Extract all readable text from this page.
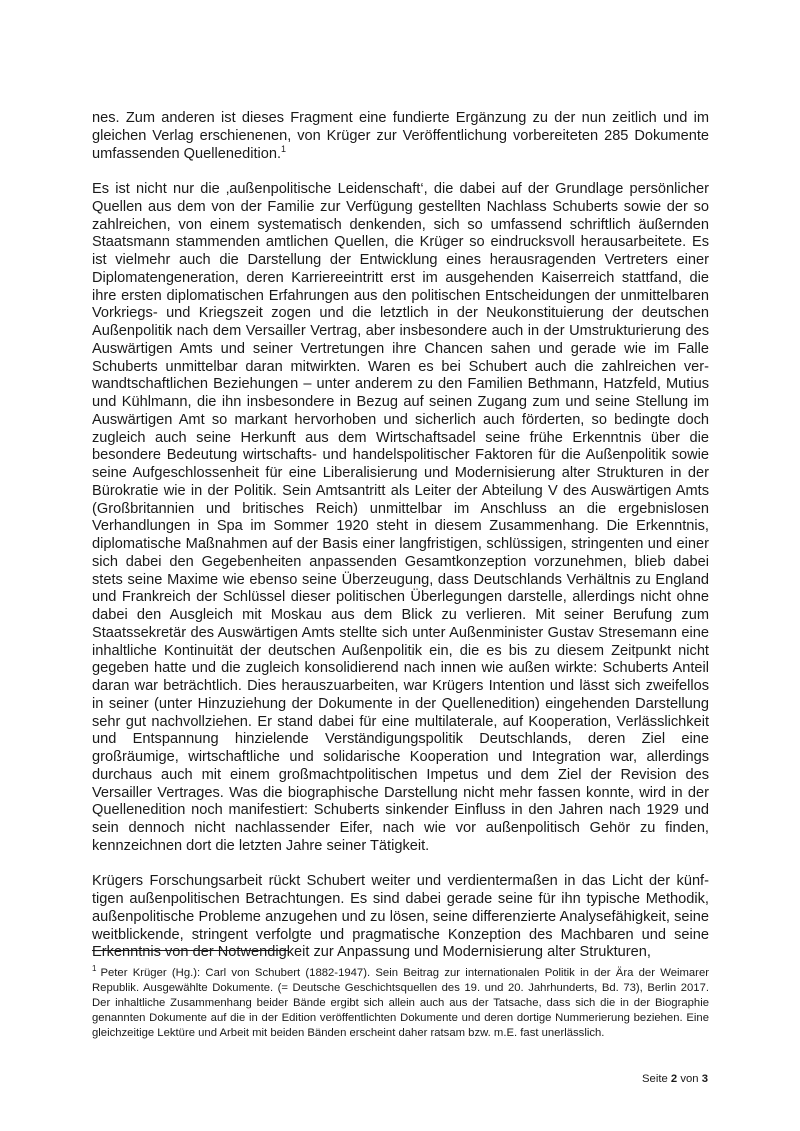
nes. Zum anderen ist dieses Fragment eine fundierte Ergänzung zu der nun zeitlich und im gleichen Verlag erschienenen, von Krüger zur Veröffentlichung vorbereiteten 285 Dokumente umfassenden Quellenedition.$^1$

Es ist nicht nur die ‚außenpolitische Leidenschaft‘, die dabei auf der Grundlage persönlicher Quellen aus dem von der Familie zur Verfügung gestellten Nachlass Schuberts sowie der so zahlreichen, von einem systematisch denkenden, sich so umfassend schriftlich äußernden Staatsmann stammenden amtlichen Quellen, die Krüger so eindrucksvoll herausarbeitete. Es ist vielmehr auch die Darstellung der Entwicklung eines herausragenden Vertreters einer Diplomatengeneration, deren Karriereeintritt erst im ausgehenden Kaiserreich stattfand, die ihre ersten diplomatischen Erfahrungen aus den politischen Entscheidungen der unmittelbaren Vorkriegs- und Kriegszeit zogen und die letztlich in der Neukonstituierung der deutschen Außenpolitik nach dem Versailler Vertrag, aber insbesondere auch in der Umstrukturierung des Auswärtigen Amts und seiner Vertretungen ihre Chancen sahen und gerade wie im Falle Schuberts unmittelbar daran mitwirkten. Waren es bei Schubert auch die zahlreichen verwandtschaftlichen Beziehungen – unter anderem zu den Familien Bethmann, Hatzfeld, Mutius und Kühlmann, die ihn insbesondere in Bezug auf seinen Zugang zum und seine Stellung im Auswärtigen Amt so markant hervorhoben und sicherlich auch förderten, so bedingte doch zugleich auch seine Herkunft aus dem Wirtschaftsadel seine frühe Erkenntnis über die besondere Bedeutung wirtschafts- und handelspolitischer Faktoren für die Außenpolitik sowie seine Aufgeschlossenheit für eine Liberalisierung und Modernisierung alter Strukturen in der Bürokratie wie in der Politik. Sein Amtsantritt als Leiter der Abteilung V des Auswärtigen Amts (Großbritannien und britisches Reich) unmittelbar im Anschluss an die ergebnislosen Verhandlungen in Spa im Sommer 1920 steht in diesem Zusammenhang. Die Erkenntnis, diplomatische Maßnahmen auf der Basis einer langfristigen, schlüssigen, stringenten und einer sich dabei den Gegebenheiten anpassenden Gesamtkonzeption vorzunehmen, blieb dabei stets seine Maxime wie ebenso seine Überzeugung, dass Deutschlands Verhältnis zu England und Frankreich der Schlüssel dieser politischen Überlegungen darstelle, allerdings nicht ohne dabei den Ausgleich mit Moskau aus dem Blick zu verlieren. Mit seiner Berufung zum Staatssekretär des Auswärtigen Amts stellte sich unter Außenminister Gustav Stresemann eine inhaltliche Kontinuität der deutschen Außenpolitik ein, die es bis zu diesem Zeitpunkt nicht gegeben hatte und die zugleich konsolidierend nach innen wie außen wirkte: Schuberts Anteil daran war beträchtlich. Dies herauszuarbeiten, war Krügers Intention und lässt sich zweifellos in seiner (unter Hinzuziehung der Dokumente in der Quellenedition) eingehenden Darstellung sehr gut nachvollziehen. Er stand dabei für eine multilaterale, auf Kooperation, Verlässlichkeit und Entspannung hinzielende Verständigungspolitik Deutschlands, deren Ziel eine großräumige, wirtschaftliche und solidarische Kooperation und Integration war, allerdings durchaus auch mit einem großmachtpolitischen Impetus und dem Ziel der Revision des Versailler Vertrages. Was die biographische Darstellung nicht mehr fassen konnte, wird in der Quellenedition noch manifestiert: Schuberts sinkender Einfluss in den Jahren nach 1929 und sein dennoch nicht nachlassender Eifer, nach wie vor außenpolitisch Gehör zu finden, kennzeichnen dort die letzten Jahre seiner Tätigkeit.

Krügers Forschungsarbeit rückt Schubert weiter und verdientermaßen in das Licht der künftigen außenpolitischen Betrachtungen. Es sind dabei gerade seine für ihn typische Methodik, außenpolitische Probleme anzugehen und zu lösen, seine differenzierte Analysefähigkeit, seine weitblickende, stringent verfolgte und pragmatische Konzeption des Machbaren und seine Erkenntnis von der Notwendigkeit zur Anpassung und Modernisierung alter Strukturen,

$^1$ Peter Krüger (Hg.): Carl von Schubert (1882-1947). Sein Beitrag zur internationalen Politik in der Ära der Weimarer Republik. Ausgewählte Dokumente. (= Deutsche Geschichtsquellen des 19. und 20. Jahrhunderts, Bd. 73), Berlin 2017. Der inhaltliche Zusammenhang beider Bände ergibt sich allein auch aus der Tatsache, dass sich die in der Biographie genannten Dokumente auf die in der Edition veröffentlichten Dokumente und deren dortige Nummerierung beziehen. Eine gleichzeitige Lektüre und Arbeit mit beiden Bänden erscheint daher ratsam bzw. m.E. fast unerlässlich.

Seite 2 von 3
